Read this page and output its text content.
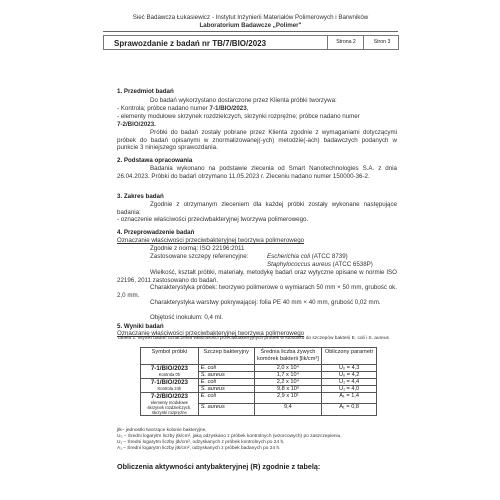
Sieć Badawcza Łukasiewicz - Instytut Inżynierii Materiałów Polimerowych i Barwników
Laboratorium Badawcze „Polimer"
Sprawozdanie z badań nr TB/7/BIO/2023	Strona 2	Stron 3
1. Przedmiot badań
Do badań wykorzystano dostarczone przez Klienta próbki tworzywa:
- Kontrola; próbce nadano numer 7-1/BIO/2023,
- elementy modułowe skrzynek rozdzielczych, skrzynki rozprężne; próbce nadano numer
7-2/BIO/2023.
Próbki do badań zostały pobrane przez Klienta zgodnie z wymaganiami dotyczącymi próbek do badań opisanymi w znormalizowanej(-ych) metodzie(-ach) badawczych podanych w punkcie 3 niniejszego sprawozdania.
2. Podstawa opracowania
Badania wykonano na podstawie zlecenia od Smart Nanotechnologies S.A. z dnia 26.04.2023. Próbki do badań otrzymano 11.05.2023 r. Zleceniu nadano numer 150000-36-2.
3. Zakres badań
Zgodnie z otrzymanym zleceniem dla każdej próbki zostały wykonane następujące badania:
- oznaczenie właściwości przeciwbakteryjnej tworzywa polimerowego.
4. Przeprowadzenie badań
Oznaczanie właściwości przeciwbakteryjnej tworzywa polimerowego
Zgodnie z normą: ISO 22196:2011
Zastosowane szczepy referencyjne:	Escherichia coli (ATCC 8739)
Staphylococcus aureus (ATCC 6538P)
Wielkość, kształt próbki, materiały, metodykę badań oraz wytyczne opisane w normie ISO 22196, 2011 zastosowano do badań.
Charakterystyka próbek: tworzywo polimerowe o wymiarach 50 mm × 50 mm, grubość ok. 2,0 mm.
Charakterystyka warstwy pokrywającej: folia PE 40 mm × 40 mm, grubość 0,02 mm.
Objętość inokulum: 0,4 ml.
5. Wyniki badań
Oznaczanie właściwości przeciwbakteryjnej tworzywa polimerowego
Tabela 1. Wyniki badań oznaczenia właściwości przeciwbakteryjnych próbek w stosunku do szczepów bakterii E. coli i S. aureus
Symbol próbki	Szczep bakteryjny	Średnia liczba żywych komórek bakterii [lik/cm²]	Obliczony parametr

7-1/BIO/2023
Kontrola 0h	E. coli	2,0 x 10⁴	U₀ = 4,3
	S. aureus	1,7 x 10⁴	U₀ = 4,2

7-1/BIO/2023
Kontrola 24h	E. coli	2,2 x 10⁴	U₁ = 4,4
	S. aureus	9,8 x 10³	U₁ = 4,0

7-2/BIO/2023
elementy modułowe skrzynek rozdzielczych, skrzynki rozprężne	E. coli	2,9 x 10¹	A₁ = 1,4
	S. aureus	9,4	A₁ = 0,8
jtk– jednostki tworzące kolonie bakteryjne,
U₀ – Średni logarytm liczby jtk/cm², jaką odzyskano z próbek kontrolnych (wzorcowych) po zaszczepieniu,
U₁ – Średni logarytm liczby jtk/cm², odzyskanych z próbek kontrolnych po 24 h,
A₁ – Średni logarytm liczby jtk/cm², odzyskanych z próbek badanych po 24 h.
Obliczenia aktywności antybakteryjnej (R) zgodnie z tabelą:
